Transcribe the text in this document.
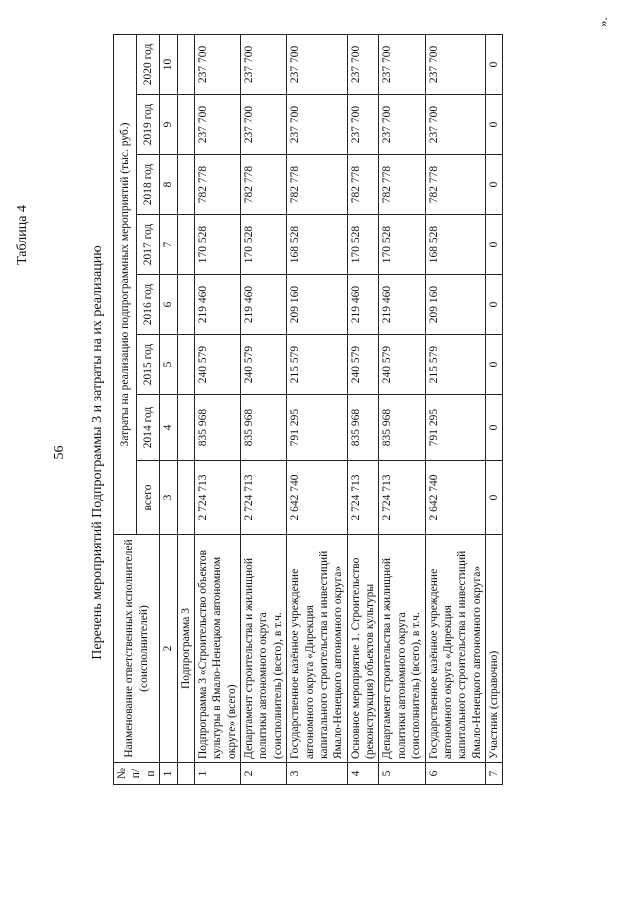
56
Таблица 4
Перечень мероприятий Подпрограммы 3 и затраты на их реализацию
№ п/п	Наименование ответственных исполнителей (соисполнителей)	Затраты на реализацию подпрограммных мероприятий (тыс. руб.)							
		всего	2014 год	2015 год	2016 год	2017 год	2018 год	2019 год	2020 год
1	2	3	4	5	6	7	8	9	10
	Подпрограмма 3								
1	Подпрограмма 3 «Строительство объектов культуры в Ямало-Ненецком автономном округе» (всего)	2 724 713	835 968	240 579	219 460	170 528	782 778	237 700	237 700
2	Департамент строительства и жилищной политики автономного округа (соисполнитель) (всего), в т.ч.	2 724 713	835 968	240 579	219 460	170 528	782 778	237 700	237 700
3	Государственное казённое учреждение автономного округа «Дирекция капитального строительства и инвестиций Ямало-Ненецкого автономного округа»	2 642 740	791 295	215 579	209 160	168 528	782 778	237 700	237 700
4	Основное мероприятие 1. Строительство (реконструкция) объектов культуры	2 724 713	835 968	240 579	219 460	170 528	782 778	237 700	237 700
5	Департамент строительства и жилищной политики автономного округа (соисполнитель) (всего), в т.ч.	2 724 713	835 968	240 579	219 460	170 528	782 778	237 700	237 700
6	Государственное казённое учреждение автономного округа «Дирекция капитального строительства и инвестиций Ямало-Ненецкого автономного округа»	2 642 740	791 295	215 579	209 160	168 528	782 778	237 700	237 700
7	Участник (справочно)	0	0	0	0	0	0	0	0
».
